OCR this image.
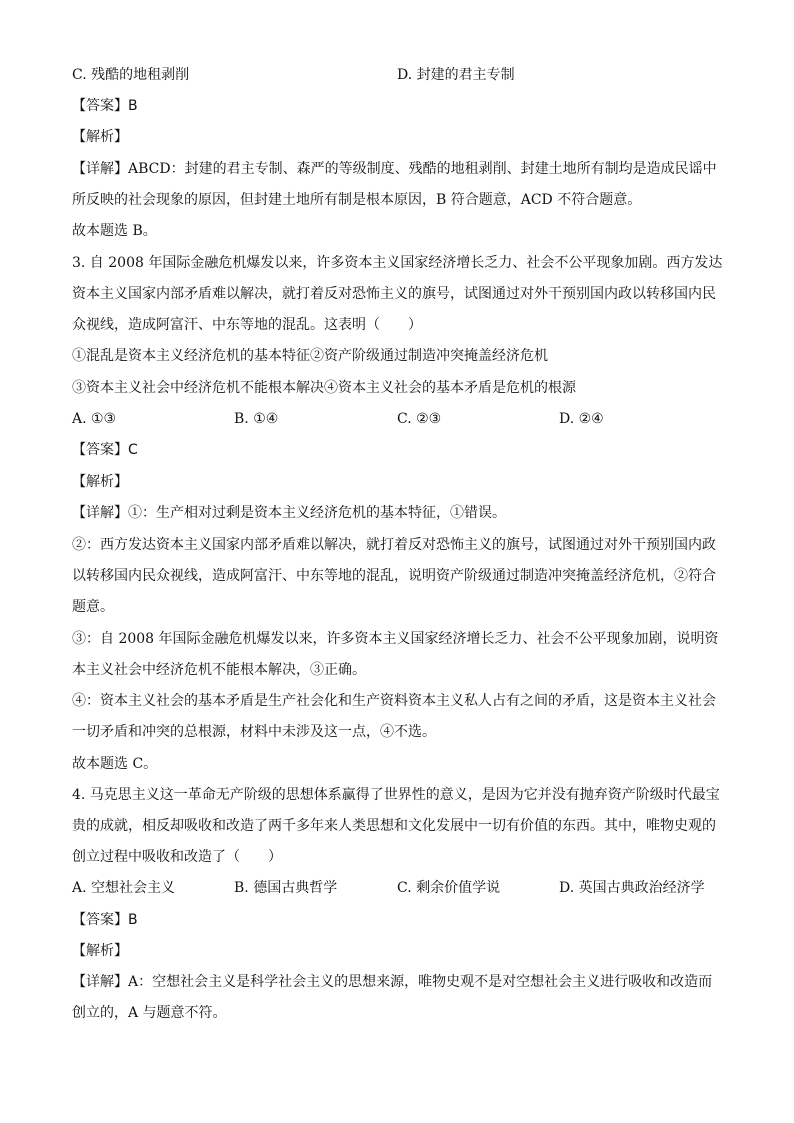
C. 残酷的地租剥削	D. 封建的君主专制
【答案】B
【解析】
【详解】ABCD：封建的君主专制、森严的等级制度、残酷的地租剥削、封建土地所有制均是造成民谣中
所反映的社会现象的原因，但封建土地所有制是根本原因，B 符合题意，ACD 不符合题意。
故本题选 B。
3. 自 2008 年国际金融危机爆发以来，许多资本主义国家经济增长乏力、社会不公平现象加剧。西方发达
资本主义国家内部矛盾难以解决，就打着反对恐怖主义的旗号，试图通过对外干预别国内政以转移国内民
众视线，造成阿富汗、中东等地的混乱。这表明（　　）
①混乱是资本主义经济危机的基本特征②资产阶级通过制造冲突掩盖经济危机
③资本主义社会中经济危机不能根本解决④资本主义社会的基本矛盾是危机的根源
A. ①③	B. ①④	C. ②③	D. ②④
【答案】C
【解析】
【详解】①：生产相对过剩是资本主义经济危机的基本特征，①错误。
②：西方发达资本主义国家内部矛盾难以解决，就打着反对恐怖主义的旗号，试图通过对外干预别国内政
以转移国内民众视线，造成阿富汗、中东等地的混乱，说明资产阶级通过制造冲突掩盖经济危机，②符合
题意。
③：自 2008 年国际金融危机爆发以来，许多资本主义国家经济增长乏力、社会不公平现象加剧，说明资
本主义社会中经济危机不能根本解决，③正确。
④：资本主义社会的基本矛盾是生产社会化和生产资料资本主义私人占有之间的矛盾，这是资本主义社会
一切矛盾和冲突的总根源，材料中未涉及这一点，④不选。
故本题选 C。
4. 马克思主义这一革命无产阶级的思想体系赢得了世界性的意义，是因为它并没有抛弃资产阶级时代最宝
贵的成就，相反却吸收和改造了两千多年来人类思想和文化发展中一切有价值的东西。其中，唯物史观的
创立过程中吸收和改造了（　　）
A. 空想社会主义	B. 德国古典哲学	C. 剩余价值学说	D. 英国古典政治经济学
【答案】B
【解析】
【详解】A：空想社会主义是科学社会主义的思想来源，唯物史观不是对空想社会主义进行吸收和改造而
创立的，A 与题意不符。
